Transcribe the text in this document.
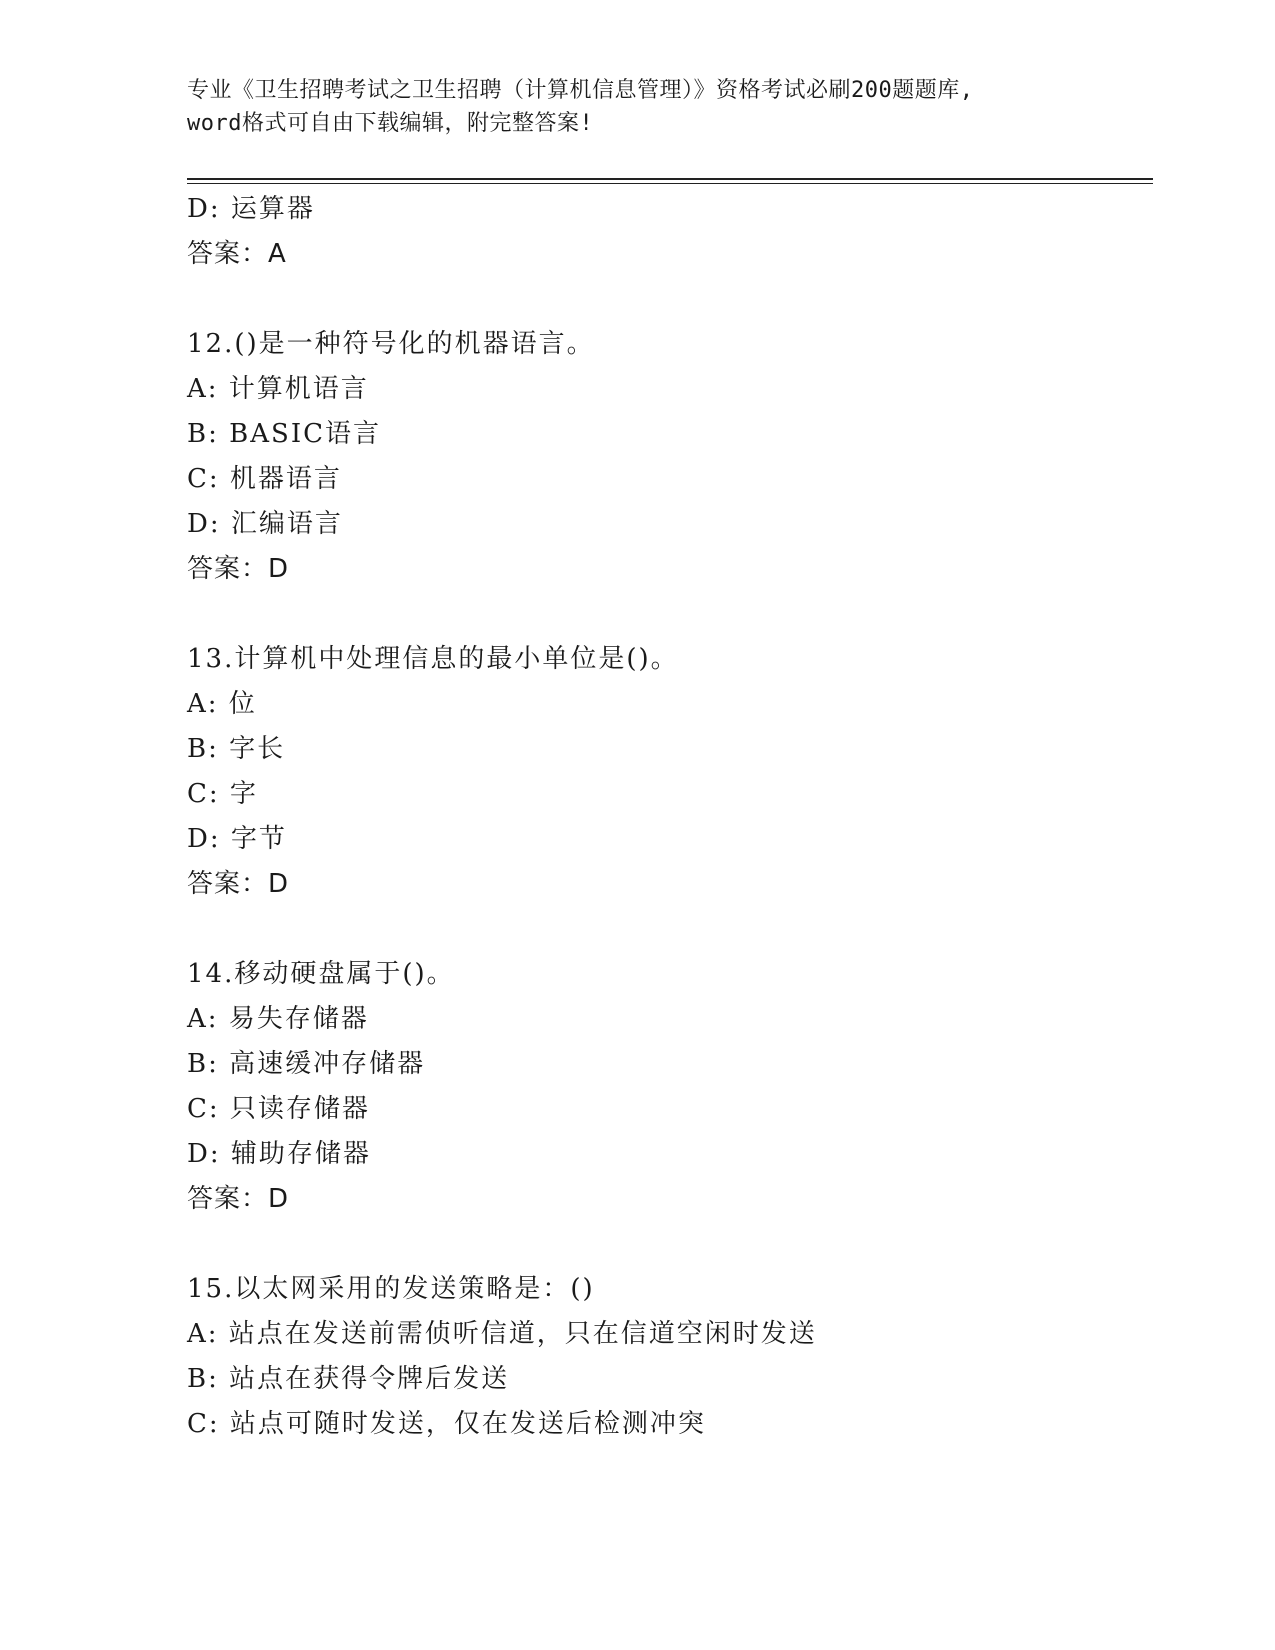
专业《卫生招聘考试之卫生招聘（计算机信息管理）》资格考试必刷200题题库,
word格式可自由下载编辑，附完整答案!
D: 运算器
答案：A
12.()是一种符号化的机器语言。
A: 计算机语言
B: BASIC语言
C: 机器语言
D: 汇编语言
答案：D
13.计算机中处理信息的最小单位是()。
A: 位
B: 字长
C: 字
D: 字节
答案：D
14.移动硬盘属于()。
A: 易失存储器
B: 高速缓冲存储器
C: 只读存储器
D: 辅助存储器
答案：D
15.以太网采用的发送策略是：()
A: 站点在发送前需侦听信道，只在信道空闲时发送
B: 站点在获得令牌后发送
C: 站点可随时发送，仅在发送后检测冲突
